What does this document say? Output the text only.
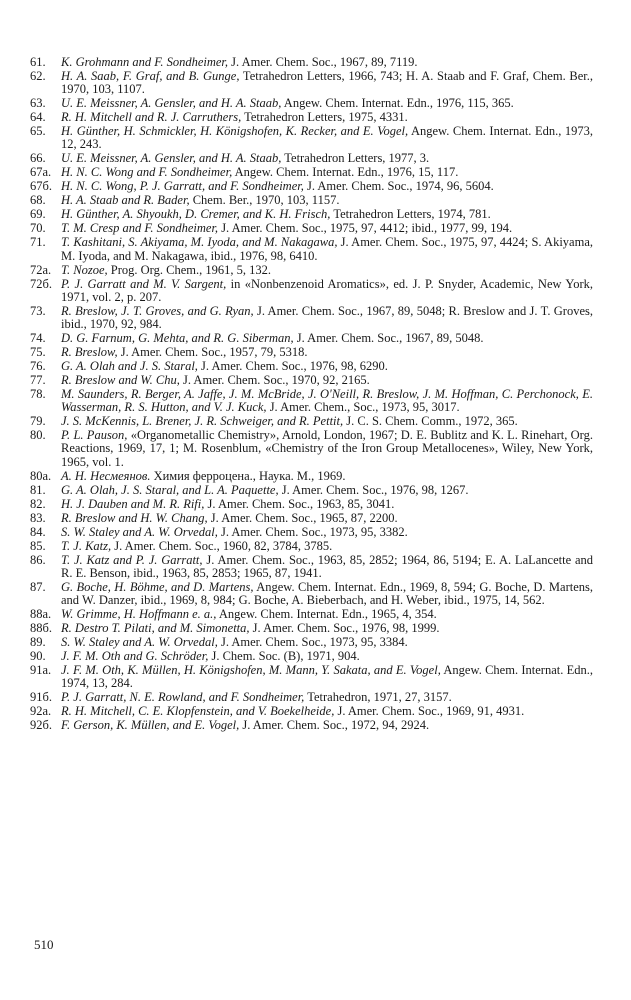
61. K. Grohmann and F. Sondheimer, J. Amer. Chem. Soc., 1967, 89, 7119.
62. H. A. Saab, F. Graf, and B. Gunge, Tetrahedron Letters, 1966, 743; H. A. Staab and F. Graf, Chem. Ber., 1970, 103, 1107.
63. U. E. Meissner, A. Gensler, and H. A. Staab, Angew. Chem. Internat. Edn., 1976, 115, 365.
64. R. H. Mitchell and R. J. Carruthers, Tetrahedron Letters, 1975, 4331.
65. H. Günther, H. Schmickler, H. Königshofen, K. Recker, and E. Vogel, Angew. Chem. Internat. Edn., 1973, 12, 243.
66. U. E. Meissner, A. Gensler, and H. A. Staab, Tetrahedron Letters, 1977, 3.
67a. H. N. C. Wong and F. Sondheimer, Angew. Chem. Internat. Edn., 1976, 15, 117.
67б. H. N. C. Wong, P. J. Garratt, and F. Sondheimer, J. Amer. Chem. Soc., 1974, 96, 5604.
68. H. A. Staab and R. Bader, Chem. Ber., 1970, 103, 1157.
69. H. Günther, A. Shyoukh, D. Cremer, and K. H. Frisch, Tetrahedron Letters, 1974, 781.
70. T. M. Cresp and F. Sondheimer, J. Amer. Chem. Soc., 1975, 97, 4412; ibid., 1977, 99, 194.
71. T. Kashitani, S. Akiyama, M. Iyoda, and M. Nakagawa, J. Amer. Chem. Soc., 1975, 97, 4424; S. Akiyama, M. Iyoda, and M. Nakagawa, ibid., 1976, 98, 6410.
72a. T. Nozoe, Prog. Org. Chem., 1961, 5, 132.
72б. P. J. Garratt and M. V. Sargent, in «Nonbenzenoid Aromatics», ed. J. P. Snyder, Academic, New York, 1971, vol. 2, p. 207.
73. R. Breslow, J. T. Groves, and G. Ryan, J. Amer. Chem. Soc., 1967, 89, 5048; R. Breslow and J. T. Groves, ibid., 1970, 92, 984.
74. D. G. Farnum, G. Mehta, and R. G. Siberman, J. Amer. Chem. Soc., 1967, 89, 5048.
75. R. Breslow, J. Amer. Chem. Soc., 1957, 79, 5318.
76. G. A. Olah and J. S. Staral, J. Amer. Chem. Soc., 1976, 98, 6290.
77. R. Breslow and W. Chu, J. Amer. Chem. Soc., 1970, 92, 2165.
78. M. Saunders, R. Berger, A. Jaffe, J. M. McBride, J. O'Neill, R. Breslow, J. M. Hoffman, C. Perchonock, E. Wasserman, R. S. Hutton, and V. J. Kuck, J. Amer. Chem., Soc., 1973, 95, 3017.
79. J. S. McKennis, L. Brener, J. R. Schweiger, and R. Pettit, J. C. S. Chem. Comm., 1972, 365.
80. P. L. Pauson, «Organometallic Chemistry», Arnold, London, 1967; D. E. Bublitz and K. L. Rinehart, Org. Reactions, 1969, 17, 1; M. Rosenblum, «Chemistry of the Iron Group Metallocenes», Wiley, New York, 1965, vol. 1.
80a. А. Н. Несмеянов. Химия ферроцена., Наука. М., 1969.
81. G. A. Olah, J. S. Staral, and L. A. Paquette, J. Amer. Chem. Soc., 1976, 98, 1267.
82. H. J. Dauben and M. R. Rifi, J. Amer. Chem. Soc., 1963, 85, 3041.
83. R. Breslow and H. W. Chang, J. Amer. Chem. Soc., 1965, 87, 2200.
84. S. W. Staley and A. W. Orvedal, J. Amer. Chem. Soc., 1973, 95, 3382.
85. T. J. Katz, J. Amer. Chem. Soc., 1960, 82, 3784, 3785.
86. T. J. Katz and P. J. Garratt, J. Amer. Chem. Soc., 1963, 85, 2852; 1964, 86, 5194; E. A. LaLancette and R. E. Benson, ibid., 1963, 85, 2853; 1965, 87, 1941.
87. G. Boche, H. Böhme, and D. Martens, Angew. Chem. Internat. Edn., 1969, 8, 594; G. Boche, D. Martens, and W. Danzer, ibid., 1969, 8, 984; G. Boche, A. Bieberbach, and H. Weber, ibid., 1975, 14, 562.
88a. W. Grimme, H. Hoffmann e. a., Angew. Chem. Internat. Edn., 1965, 4, 354.
88б. R. Destro T. Pilati, and M. Simonetta, J. Amer. Chem. Soc., 1976, 98, 1999.
89. S. W. Staley and A. W. Orvedal, J. Amer. Chem. Soc., 1973, 95, 3384.
90. J. F. M. Oth and G. Schröder, J. Chem. Soc. (B), 1971, 904.
91a. J. F. M. Oth, K. Müllen, H. Königshofen, M. Mann, Y. Sakata, and E. Vogel, Angew. Chem. Internat. Edn., 1974, 13, 284.
91б. P. J. Garratt, N. E. Rowland, and F. Sondheimer, Tetrahedron, 1971, 27, 3157.
92a. R. H. Mitchell, C. E. Klopfenstein, and V. Boekelheide, J. Amer. Chem. Soc., 1969, 91, 4931.
92б. F. Gerson, K. Müllen, and E. Vogel, J. Amer. Chem. Soc., 1972, 94, 2924.
510
